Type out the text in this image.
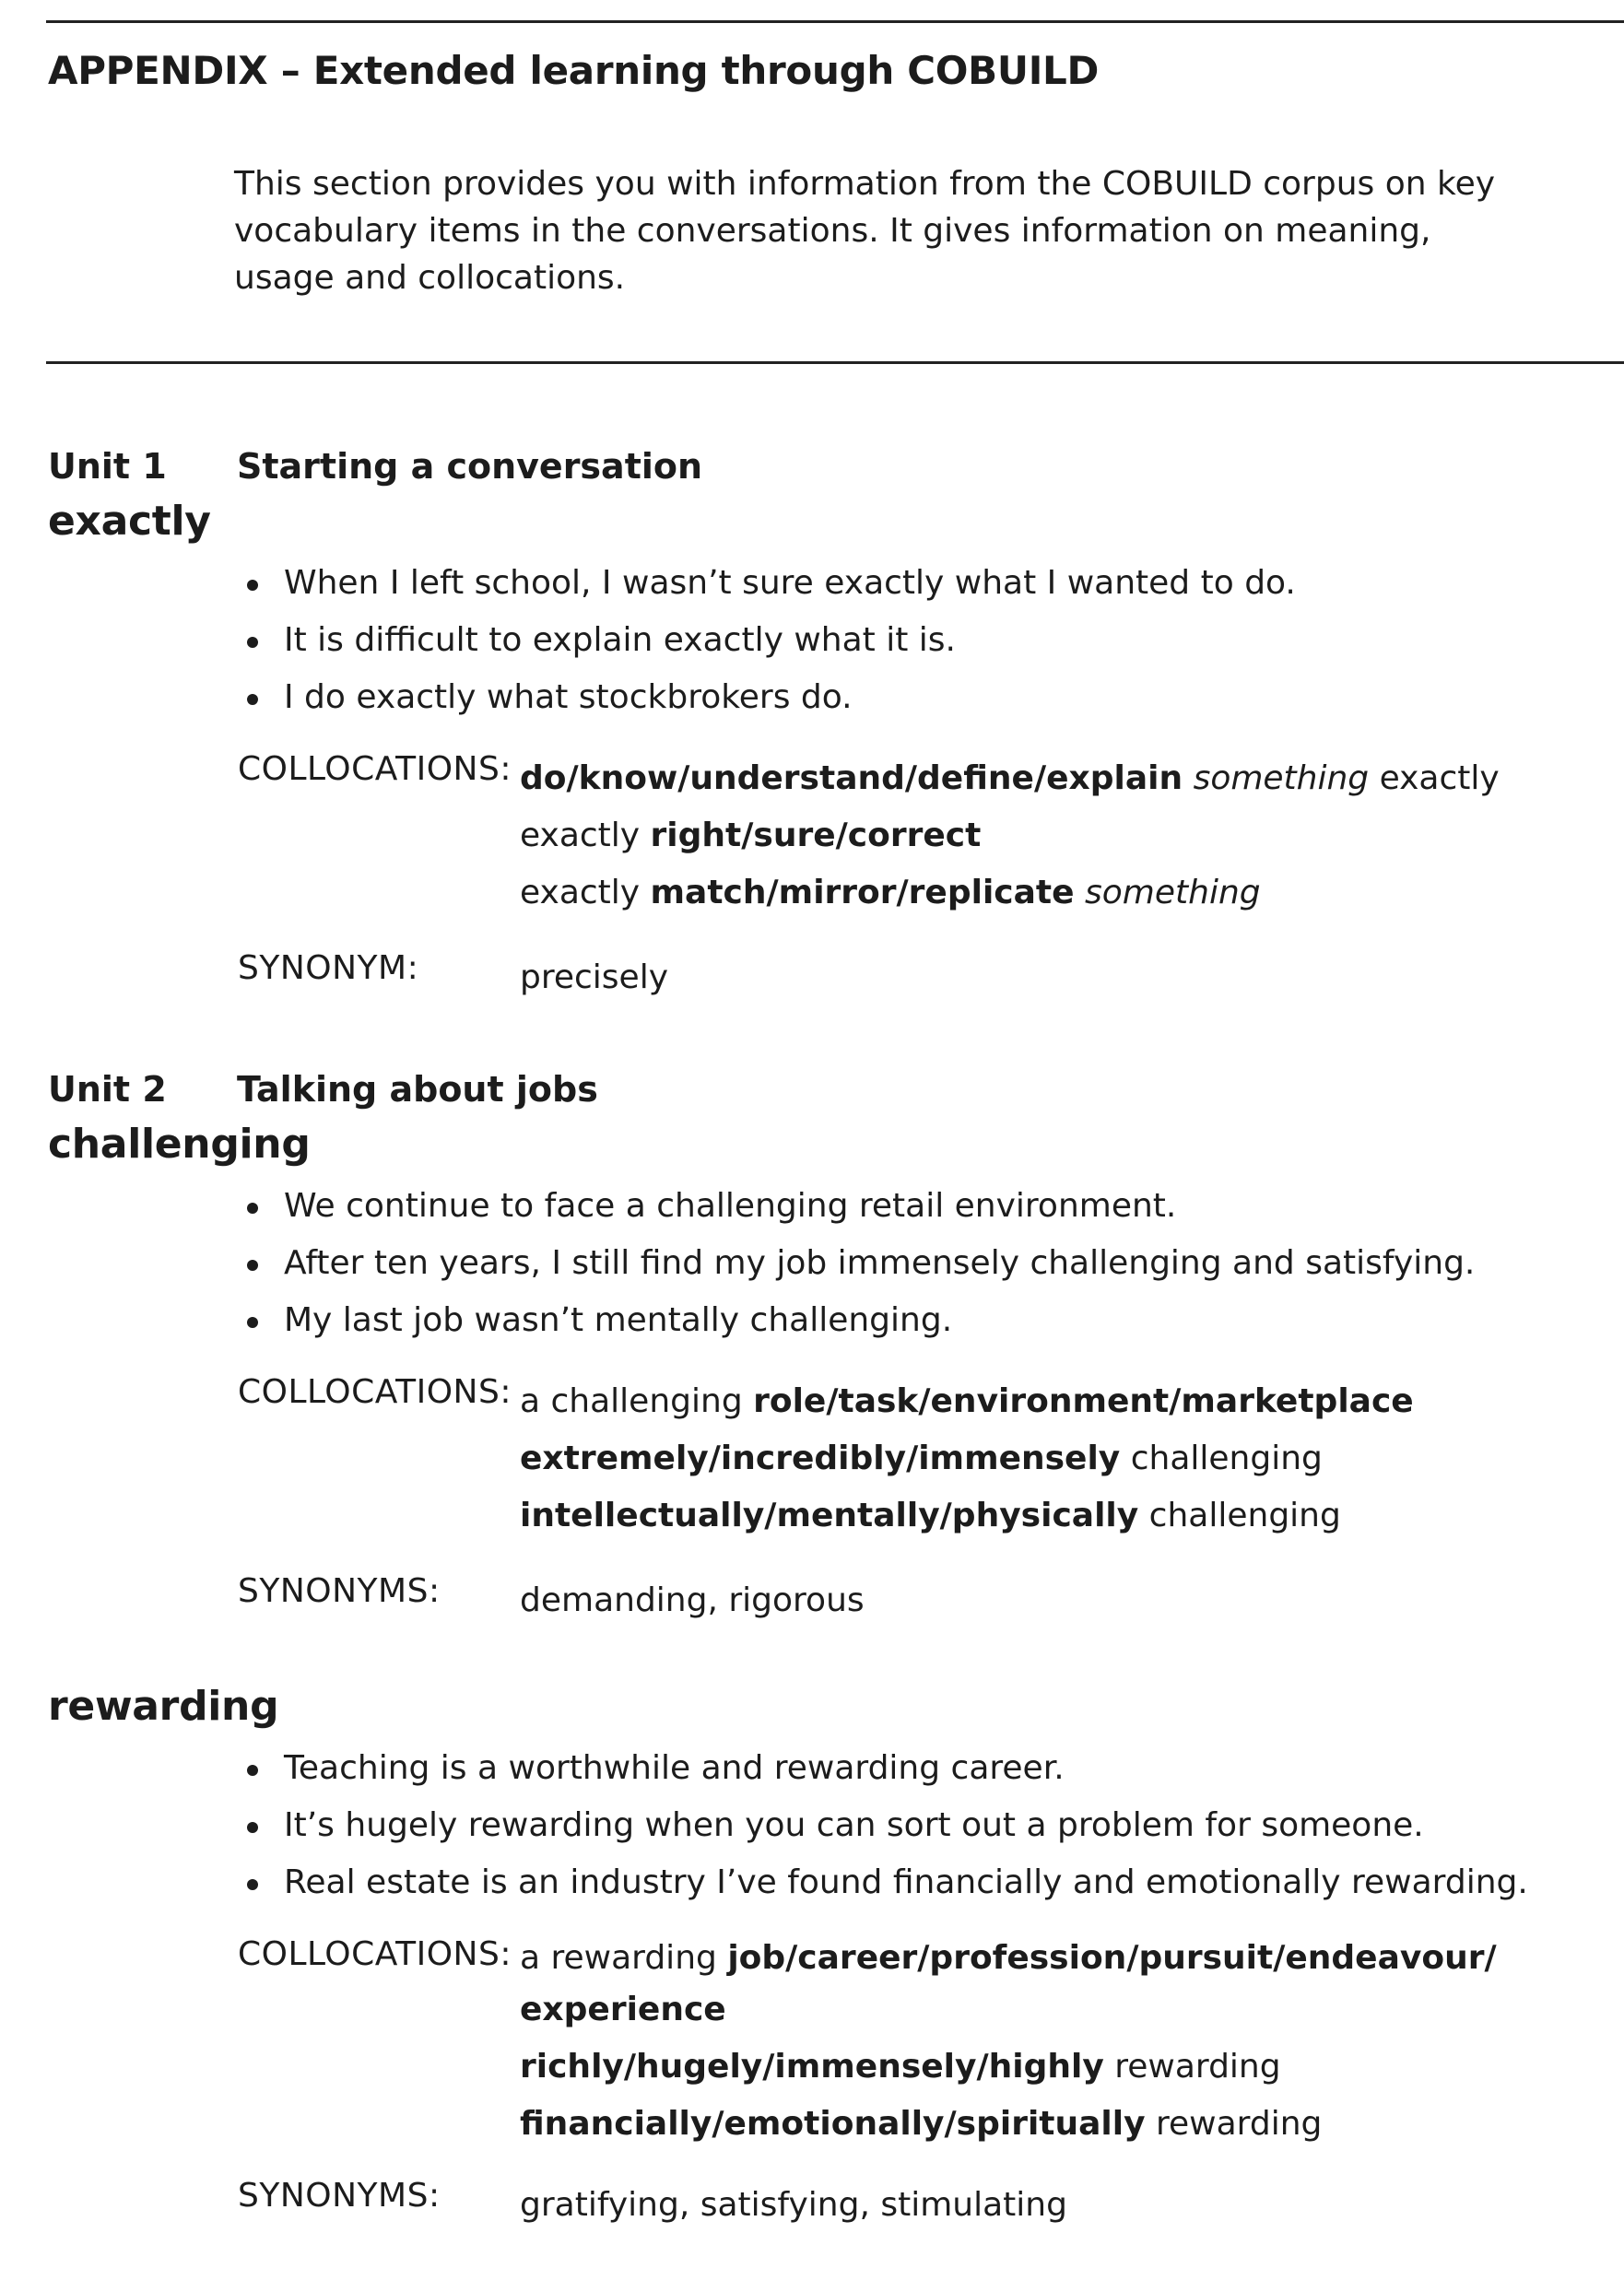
APPENDIX – Extended learning through COBUILD
This section provides you with information from the COBUILD corpus on key vocabulary items in the conversations. It gives information on meaning, usage and collocations.
Unit 1 Starting a conversation
exactly
When I left school, I wasn’t sure exactly what I wanted to do.
It is difficult to explain exactly what it is.
I do exactly what stockbrokers do.
COLLOCATIONS: do/know/understand/define/explain something exactly
exactly right/sure/correct
exactly match/mirror/replicate something
SYNONYM:	precisely
Unit 2 Talking about jobs
challenging
We continue to face a challenging retail environment.
After ten years, I still find my job immensely challenging and satisfying.
My last job wasn’t mentally challenging.
COLLOCATIONS: a challenging role/task/environment/marketplace
extremely/incredibly/immensely challenging
intellectually/mentally/physically challenging
SYNONYMS: demanding, rigorous
rewarding
Teaching is a worthwhile and rewarding career.
It’s hugely rewarding when you can sort out a problem for someone.
Real estate is an industry I’ve found financially and emotionally rewarding.
COLLOCATIONS: a rewarding job/career/profession/pursuit/endeavour/
experience
richly/hugely/immensely/highly rewarding
financially/emotionally/spiritually rewarding
SYNONYMS: gratifying, satisfying, stimulating
